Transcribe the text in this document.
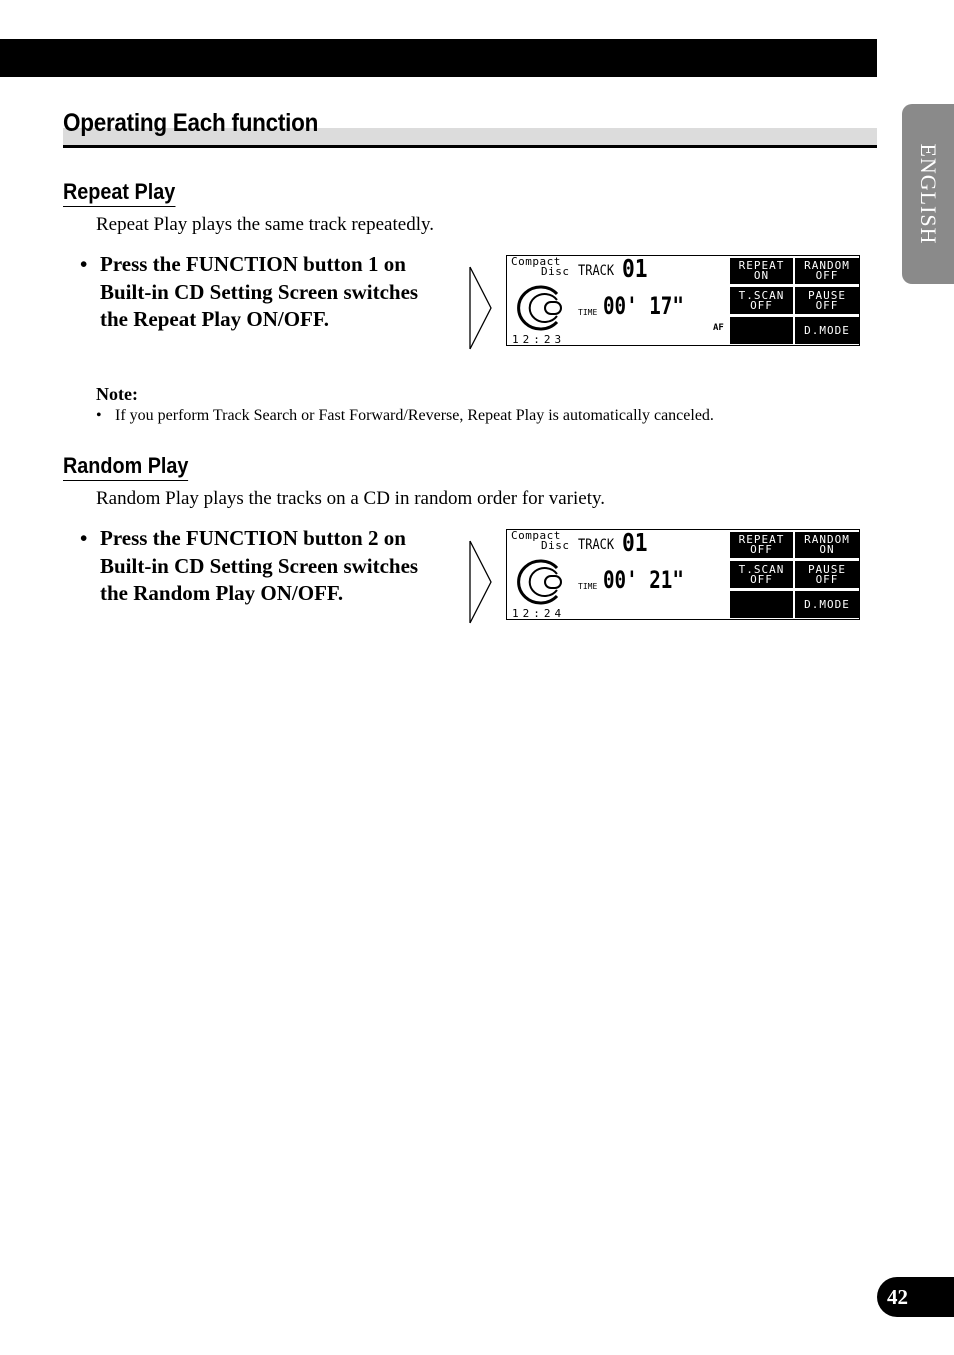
ENGLISH
Operating Each function
Repeat Play
Repeat Play plays the same track repeatedly.
• Press the FUNCTION button 1 on Built-in CD Setting Screen switches the Repeat Play ON/OFF.
Compact
Disc TRACK 01
TIME 00' 17"
12:23
AF
REPEAT
ON
RANDOM
OFF
T.SCAN
OFF
PAUSE
OFF
D.MODE
Note:
• If you perform Track Search or Fast Forward/Reverse, Repeat Play is automatically canceled.
Random Play
Random Play plays the tracks on a CD in random order for variety.
• Press the FUNCTION button 2 on Built-in CD Setting Screen switches the Random Play ON/OFF.
Compact
Disc TRACK 01
TIME 00' 21"
12:24
REPEAT
OFF
RANDOM
ON
T.SCAN
OFF
PAUSE
OFF
D.MODE
42
